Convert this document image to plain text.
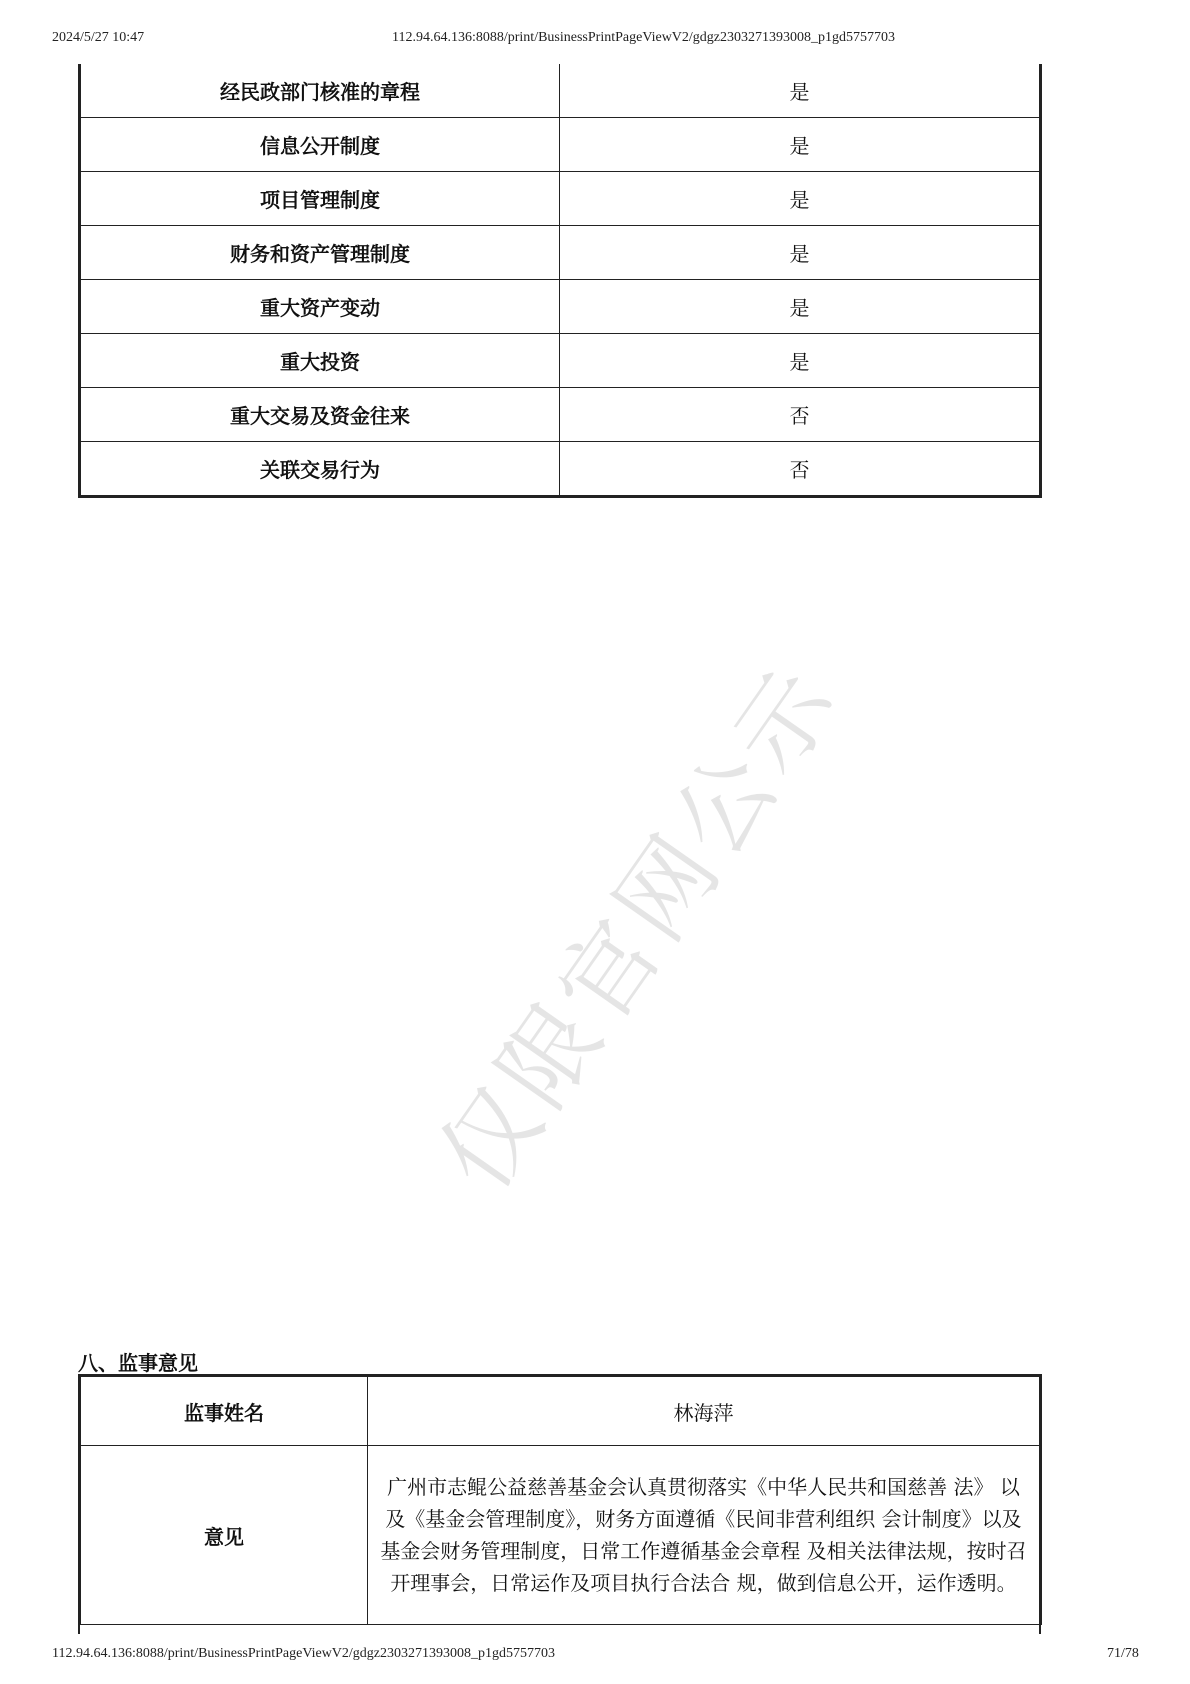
2024/5/27 10:47	112.94.64.136:8088/print/BusinessPrintPageViewV2/gdgz2303271393008_p1gd5757703
经民政部门核准的章程	是
信息公开制度	是
项目管理制度	是
财务和资产管理制度	是
重大资产变动	是
重大投资	是
重大交易及资金往来	否
关联交易行为	否
仅限官网公示
八、监事意见
监事姓名	林海萍
意见	广州市志鲲公益慈善基金会认真贯彻落实《中华人民共和国慈善 法》 以及《基金会管理制度》，财务方面遵循《民间非营利组织 会计制度》以及基金会财务管理制度，日常工作遵循基金会章程 及相关法律法规，按时召开理事会，日常运作及项目执行合法合 规，做到信息公开，运作透明。
112.94.64.136:8088/print/BusinessPrintPageViewV2/gdgz2303271393008_p1gd5757703	71/78
